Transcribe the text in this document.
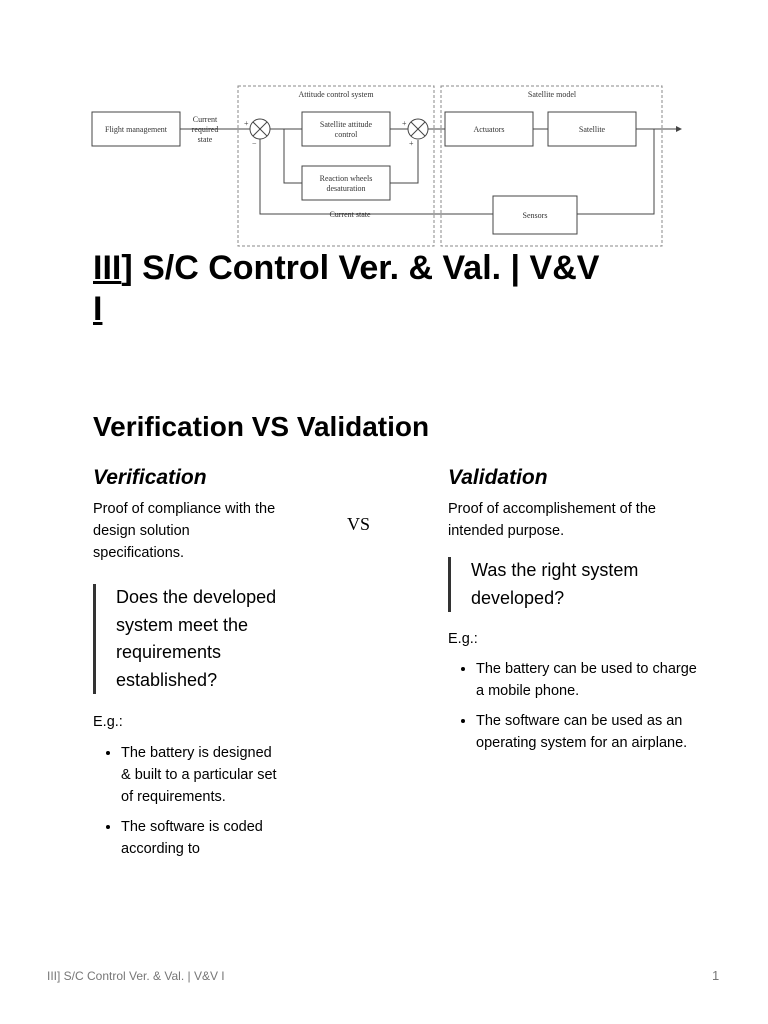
Attitude control system	Satellite model
Flight management
Current
required
state
+
−
Satellite attitude
control
Reaction wheels
desaturation
+
+
Actuators	Satellite
Sensors
Current state
III] S/C Control Ver. & Val. | V&V
I
Verification VS Validation
Verification

Proof of compliance with the design solution specifications.

Does the developed system meet the requirements established?

E.g.:

• The battery is designed & built to a particular set of requirements.
• The software is coded according to
VS
Validation

Proof of accomplishement of the intended purpose.

Was the right system developed?

E.g.:

• The battery can be used to charge a mobile phone.
• The software can be used as an operating system for an airplane.
III] S/C Control Ver. & Val. | V&V I	1
